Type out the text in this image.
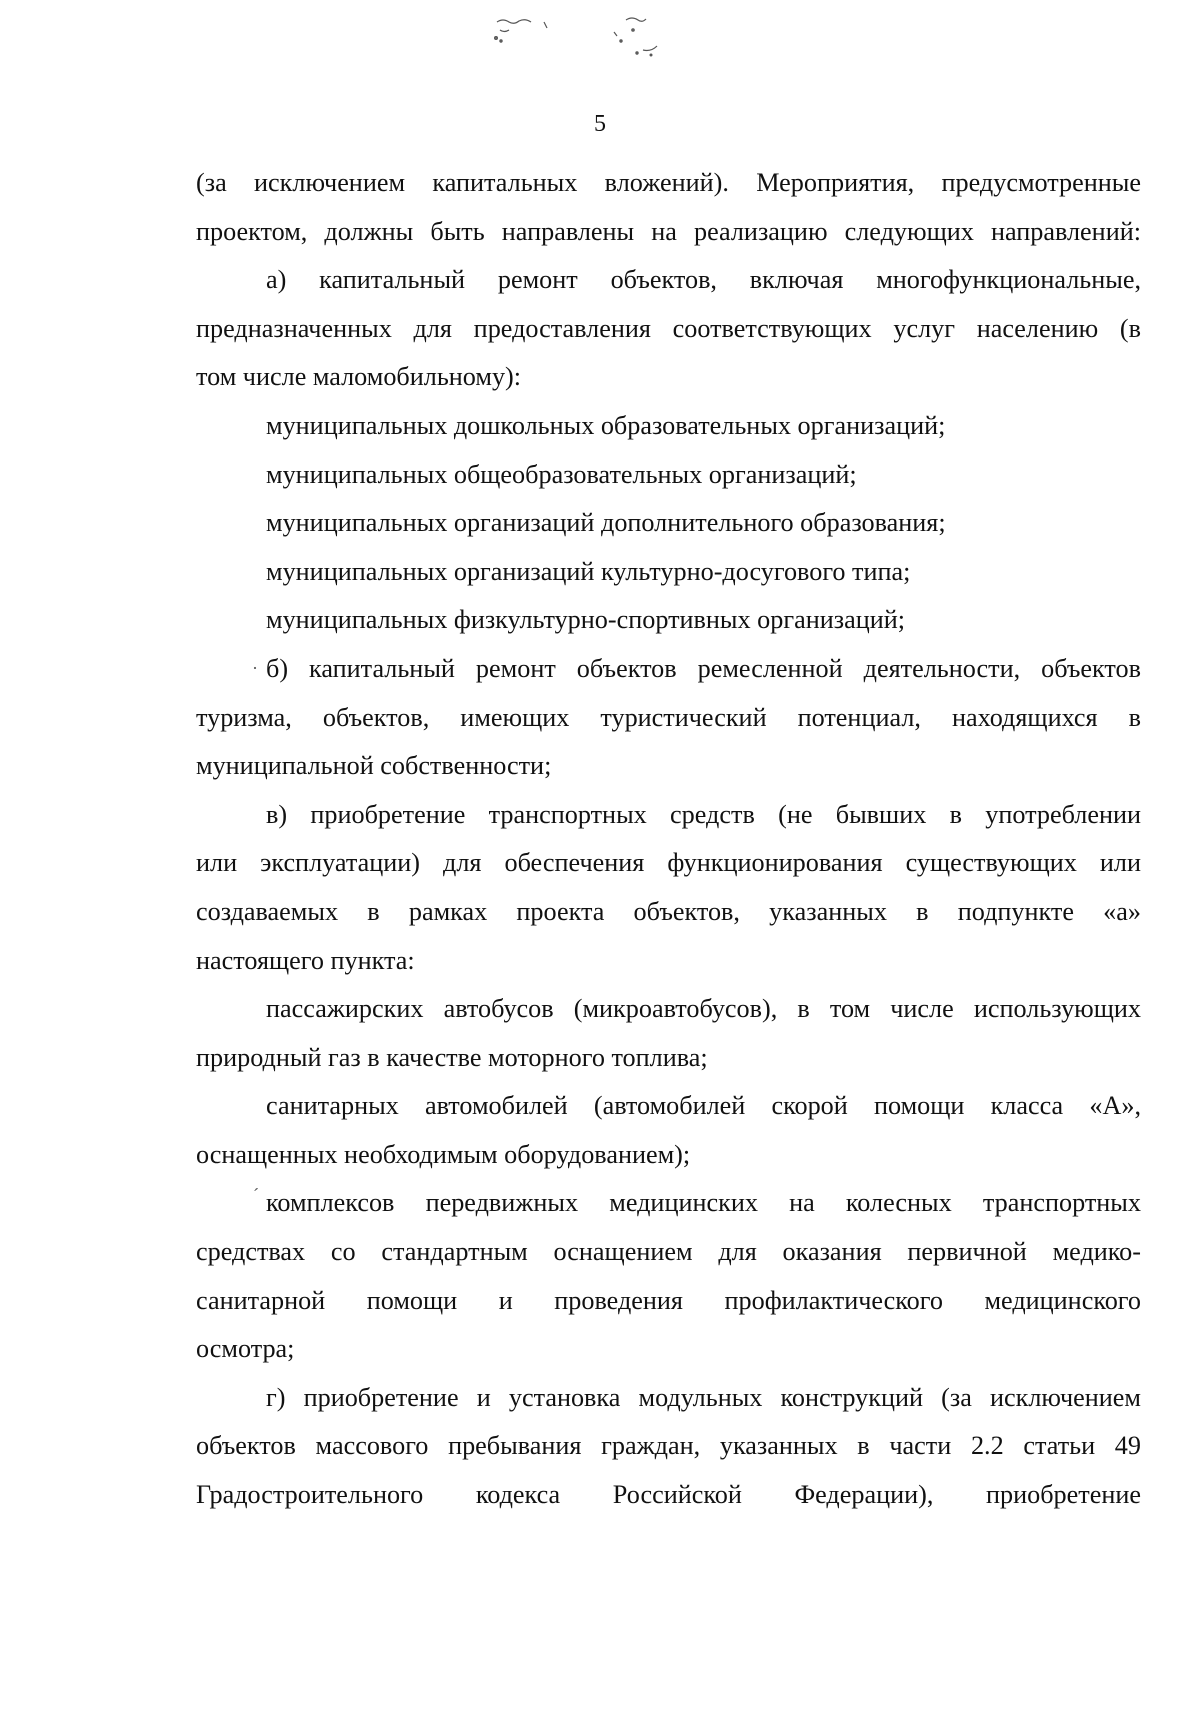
5
(за исключением капитальных вложений). Мероприятия, предусмотренные
проектом, должны быть направлены на реализацию следующих направлений:
а) капитальный ремонт объектов, включая многофункциональные,
предназначенных для предоставления соответствующих услуг населению (в
том числе маломобильному):
муниципальных дошкольных образовательных организаций;
муниципальных общеобразовательных организаций;
муниципальных организаций дополнительного образования;
муниципальных организаций культурно-досугового типа;
муниципальных физкультурно-спортивных организаций;
б) капитальный ремонт объектов ремесленной деятельности, объектов
туризма, объектов, имеющих туристический потенциал, находящихся в
муниципальной собственности;
в) приобретение транспортных средств (не бывших в употреблении
или эксплуатации) для обеспечения функционирования существующих или
создаваемых в рамках проекта объектов, указанных в подпункте «а»
настоящего пункта:
пассажирских автобусов (микроавтобусов), в том числе использующих
природный газ в качестве моторного топлива;
санитарных автомобилей (автомобилей скорой помощи класса «А»,
оснащенных необходимым оборудованием);
комплексов передвижных медицинских на колесных транспортных
средствах со стандартным оснащением для оказания первичной медико-
санитарной помощи и проведения профилактического медицинского
осмотра;
г) приобретение и установка модульных конструкций (за исключением
объектов массового пребывания граждан, указанных в части 2.2 статьи 49
Градостроительного кодекса Российской Федерации), приобретение
·
ˊ
